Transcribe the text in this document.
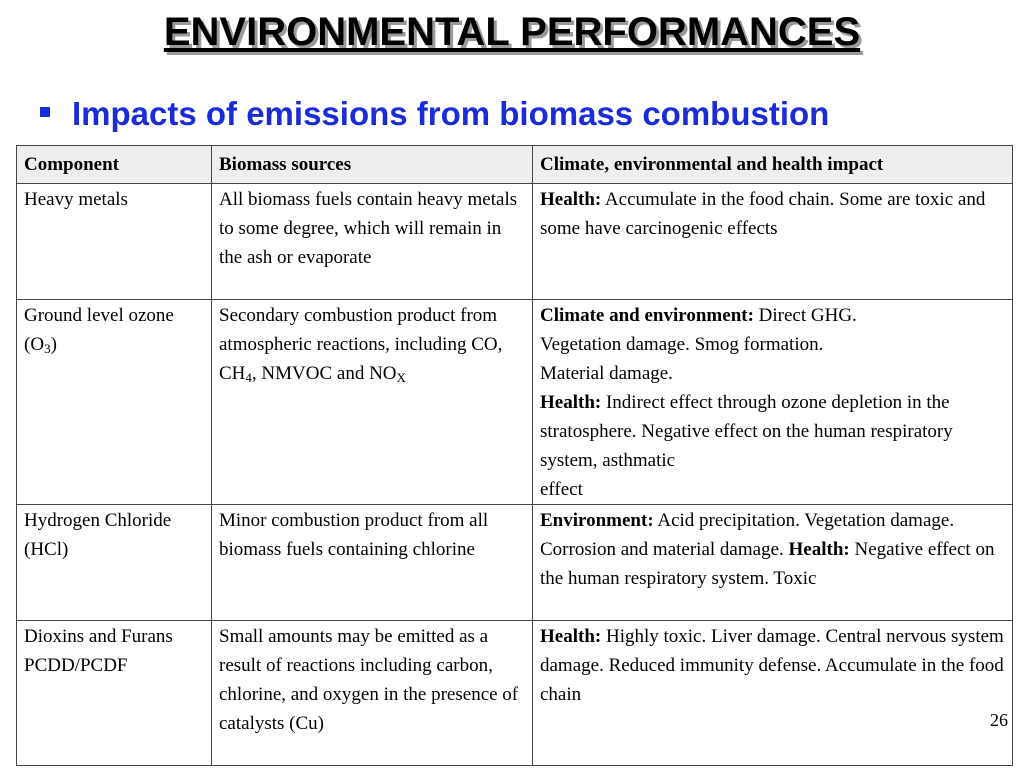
ENVIRONMENTAL PERFORMANCES
Impacts of emissions from biomass combustion
Component	Biomass sources	Climate, environmental and health impact
Heavy metals	All biomass fuels contain heavy metals to some degree, which will remain in the ash or evaporate	Health: Accumulate in the food chain. Some are toxic and some have carcinogenic effects
Ground level ozone $(O_3)$	Secondary combustion product from atmospheric reactions, including CO, $CH_4$, NMVOC and $NO_X$	Climate and environment: Direct GHG.
Vegetation damage. Smog formation.
Material damage.
Health: Indirect effect through ozone depletion in the stratosphere. Negative effect on the human respiratory system, asthmatic
effect
Hydrogen Chloride (HCl)	Minor combustion product from all biomass fuels containing chlorine	Environment: Acid precipitation. Vegetation damage. Corrosion and material damage. Health: Negative effect on the human respiratory system. Toxic
Dioxins and Furans PCDD/PCDF	Small amounts may be emitted as a result of reactions including carbon, chlorine, and oxygen in the presence of catalysts (Cu)	Health: Highly toxic. Liver damage. Central nervous system damage. Reduced immunity defense. Accumulate in the food chain
26
